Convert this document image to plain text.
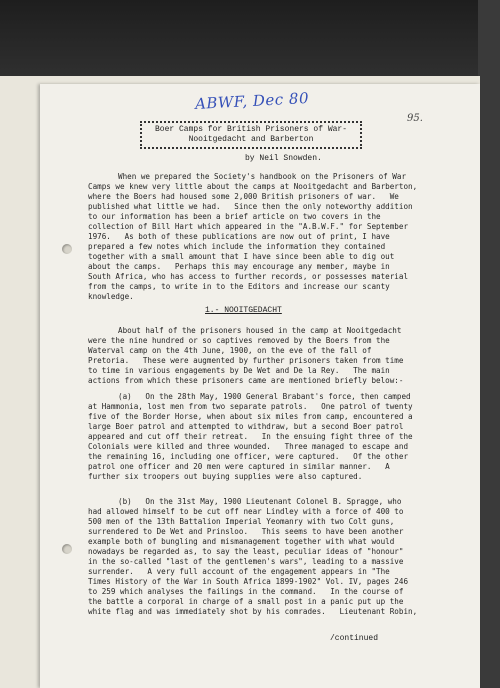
ABWF, Dec 80
95.
Boer Camps for British Prisoners of War-
Nooitgedacht and Barberton
by Neil Snowden.
When we prepared the Society's handbook on the Prisoners of War
Camps we knew very little about the camps at Nooitgedacht and Barberton,
where the Boers had housed some 2,000 British prisoners of war.   We
published what little we had.   Since then the only noteworthy addition
to our information has been a brief article on two covers in the
collection of Bill Hart which appeared in the "A.B.W.F." for September
1976.   As both of these publications are now out of print, I have
prepared a few notes which include the information they contained
together with a small amount that I have since been able to dig out
about the camps.   Perhaps this may encourage any member, maybe in
South Africa, who has access to further records, or possesses material
from the camps, to write in to the Editors and increase our scanty
knowledge.
1.- NOOITGEDACHT
About half of the prisoners housed in the camp at Nooitgedacht
were the nine hundred or so captives removed by the Boers from the
Waterval camp on the 4th June, 1900, on the eve of the fall of
Pretoria.   These were augmented by further prisoners taken from time
to time in various engagements by De Wet and De la Rey.   The main
actions from which these prisoners came are mentioned briefly below:-
(a)   On the 28th May, 1900 General Brabant's force, then camped
at Hammonia, lost men from two separate patrols.   One patrol of twenty
five of the Border Horse, when about six miles from camp, encountered a
large Boer patrol and attempted to withdraw, but a second Boer patrol
appeared and cut off their retreat.   In the ensuing fight three of the
Colonials were killed and three wounded.   Three managed to escape and
the remaining 16, including one officer, were captured.   Of the other
patrol one officer and 20 men were captured in similar manner.   A
further six troopers out buying supplies were also captured.
(b)   On the 31st May, 1900 Lieutenant Colonel B. Spragge, who
had allowed himself to be cut off near Lindley with a force of 400 to
500 men of the 13th Battalion Imperial Yeomanry with two Colt guns,
surrendered to De Wet and Prinsloo.   This seems to have been another
example both of bungling and mismanagement together with what would
nowadays be regarded as, to say the least, peculiar ideas of "honour"
in the so-called "last of the gentlemen's wars", leading to a massive
surrender.   A very full account of the engagement appears in "The
Times History of the War in South Africa 1899-1902" Vol. IV, pages 246
to 259 which analyses the failings in the command.   In the course of
the battle a corporal in charge of a small post in a panic put up the
white flag and was immediately shot by his comrades.   Lieutenant Robin,
/continued
